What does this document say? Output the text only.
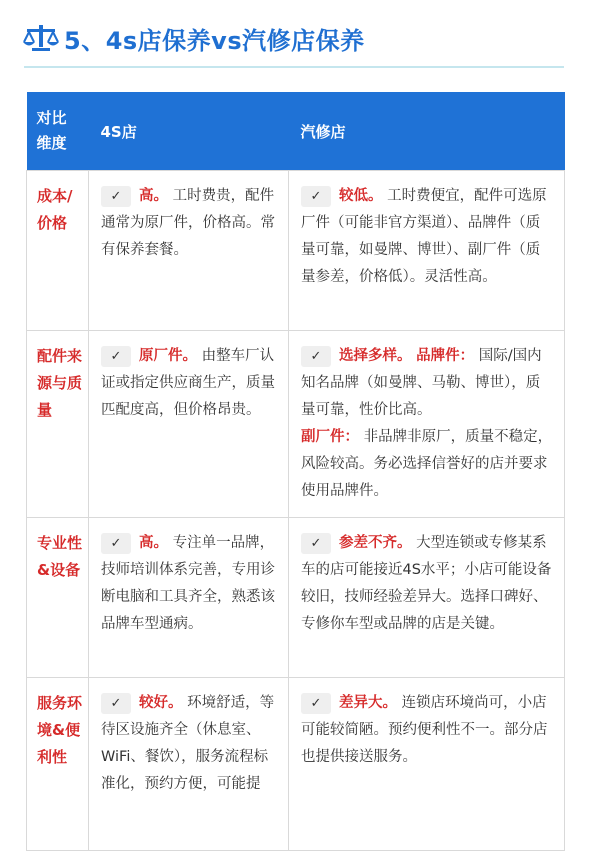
5、4s店保养vs汽修店保养
对比维度	4S店	汽修店
成本/价格	✓ 高。 工时费贵，配件通常为原厂件，价格高。常有保养套餐。	✓ 较低。 工时费便宜，配件可选原厂件（可能非官方渠道）、品牌件（质量可靠，如曼牌、博世）、副厂件（质量参差，价格低）。灵活性高。
配件来源与质量	✓ 原厂件。 由整车厂认证或指定供应商生产，质量匹配度高，但价格昂贵。	✓ 选择多样。 品牌件： 国际/国内知名品牌（如曼牌、马勒、博世），质量可靠，性价比高。
副厂件： 非品牌非原厂，质量不稳定，风险较高。务必选择信誉好的店并要求使用品牌件。
专业性&设备	✓ 高。 专注单一品牌，技师培训体系完善，专用诊断电脑和工具齐全，熟悉该品牌车型通病。	✓ 参差不齐。 大型连锁或专修某系车的店可能接近4S水平；小店可能设备较旧，技师经验差异大。选择口碑好、专修你车型或品牌的店是关键。
服务环境&便利性	✓ 较好。 环境舒适，等待区设施齐全（休息室、WiFi、餐饮），服务流程标准化，预约方便，可能提	✓ 差异大。 连锁店环境尚可，小店可能较简陋。预约便利性不一。部分店也提供接送服务。
